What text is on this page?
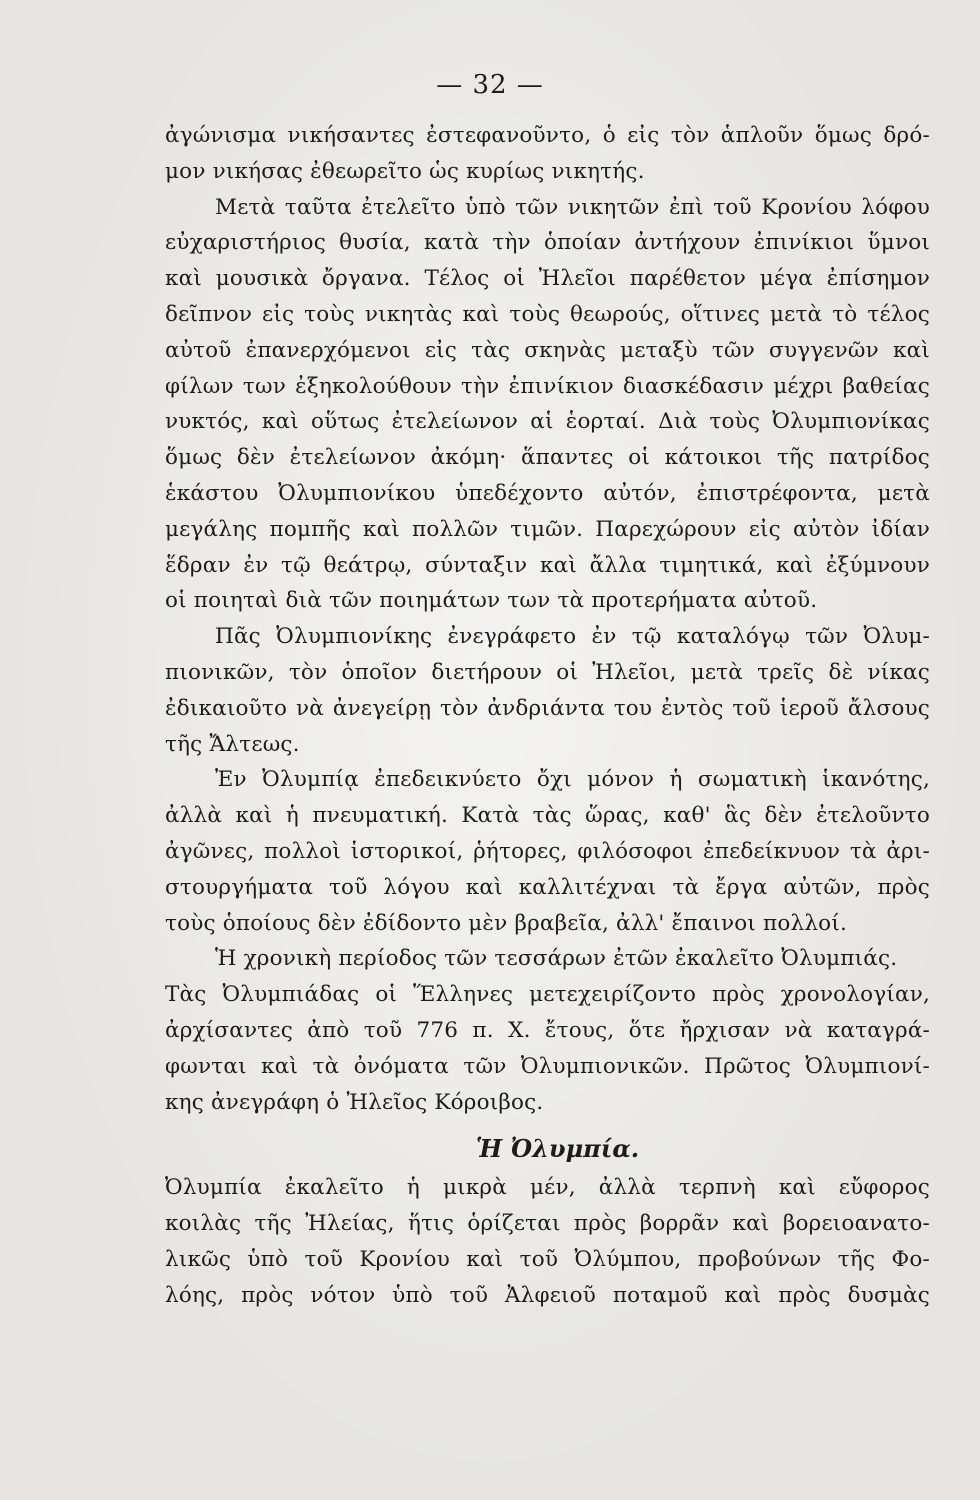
— 32 —
ἀγώνισμα νικήσαντες ἐστεφανοῦντο, ὁ εἰς τὸν ἁπλοῦν ὅμως δρό-
μον νικήσας ἐθεωρεῖτο ὡς κυρίως νικητής.
Μετὰ ταῦτα ἐτελεῖτο ὑπὸ τῶν νικητῶν ἐπὶ τοῦ Κρονίου λόφου
εὐχαριστήριος θυσία, κατὰ τὴν ὁποίαν ἀντήχουν ἐπινίκιοι ὕμνοι
καὶ μουσικὰ ὄργανα. Τέλος οἱ Ἠλεῖοι παρέθετον μέγα ἐπίσημον
δεῖπνον εἰς τοὺς νικητὰς καὶ τοὺς θεωρούς, οἵτινες μετὰ τὸ τέλος
αὐτοῦ ἐπανερχόμενοι εἰς τὰς σκηνὰς μεταξὺ τῶν συγγενῶν καὶ
φίλων των ἐξηκολούθουν τὴν ἐπινίκιον διασκέδασιν μέχρι βαθείας
νυκτός, καὶ οὕτως ἐτελείωνον αἱ ἑορταί. Διὰ τοὺς Ὀλυμπιονίκας
ὅμως δὲν ἐτελείωνον ἀκόμη· ἅπαντες οἱ κάτοικοι τῆς πατρίδος
ἑκάστου Ὀλυμπιονίκου ὑπεδέχοντο αὐτόν, ἐπιστρέφοντα, μετὰ
μεγάλης πομπῆς καὶ πολλῶν τιμῶν. Παρεχώρουν εἰς αὐτὸν ἰδίαν
ἕδραν ἐν τῷ θεάτρῳ, σύνταξιν καὶ ἄλλα τιμητικά, καὶ ἐξύμνουν
οἱ ποιηταὶ διὰ τῶν ποιημάτων των τὰ προτερήματα αὐτοῦ.
Πᾶς Ὀλυμπιονίκης ἐνεγράφετο ἐν τῷ καταλόγῳ τῶν Ὀλυμ-
πιονικῶν, τὸν ὁποῖον διετήρουν οἱ Ἠλεῖοι, μετὰ τρεῖς δὲ νίκας
ἐδικαιοῦτο νὰ ἀνεγείρῃ τὸν ἀνδριάντα του ἐντὸς τοῦ ἱεροῦ ἄλσους
τῆς Ἄλτεως.
Ἐν Ὀλυμπίᾳ ἐπεδεικνύετο ὄχι μόνον ἡ σωματικὴ ἱκανότης,
ἀλλὰ καὶ ἡ πνευματική. Κατὰ τὰς ὥρας, καθ' ἃς δὲν ἐτελοῦντο
ἀγῶνες, πολλοὶ ἱστορικοί, ῥήτορες, φιλόσοφοι ἐπεδείκνυον τὰ ἀρι-
στουργήματα τοῦ λόγου καὶ καλλιτέχναι τὰ ἔργα αὐτῶν, πρὸς
τοὺς ὁποίους δὲν ἐδίδοντο μὲν βραβεῖα, ἀλλ' ἔπαινοι πολλοί.
Ἡ χρονικὴ περίοδος τῶν τεσσάρων ἐτῶν ἐκαλεῖτο Ὀλυμπιάς.
Τὰς Ὀλυμπιάδας οἱ Ἕλληνες μετεχειρίζοντο πρὸς χρονολογίαν,
ἀρχίσαντες ἀπὸ τοῦ 776 π. Χ. ἔτους, ὅτε ἤρχισαν νὰ καταγρά-
φωνται καὶ τὰ ὀνόματα τῶν Ὀλυμπιονικῶν. Πρῶτος Ὀλυμπιονί-
κης ἀνεγράφη ὁ Ἠλεῖος Κόροιβος.
Ἡ Ὀλυμπία.
Ὀλυμπία ἐκαλεῖτο ἡ μικρὰ μέν, ἀλλὰ τερπνὴ καὶ εὔφορος
κοιλὰς τῆς Ἠλείας, ἥτις ὁρίζεται πρὸς βορρᾶν καὶ βορειοανατο-
λικῶς ὑπὸ τοῦ Κρονίου καὶ τοῦ Ὀλύμπου, προβούνων τῆς Φο-
λόης, πρὸς νότον ὑπὸ τοῦ Ἀλφειοῦ ποταμοῦ καὶ πρὸς δυσμὰς
